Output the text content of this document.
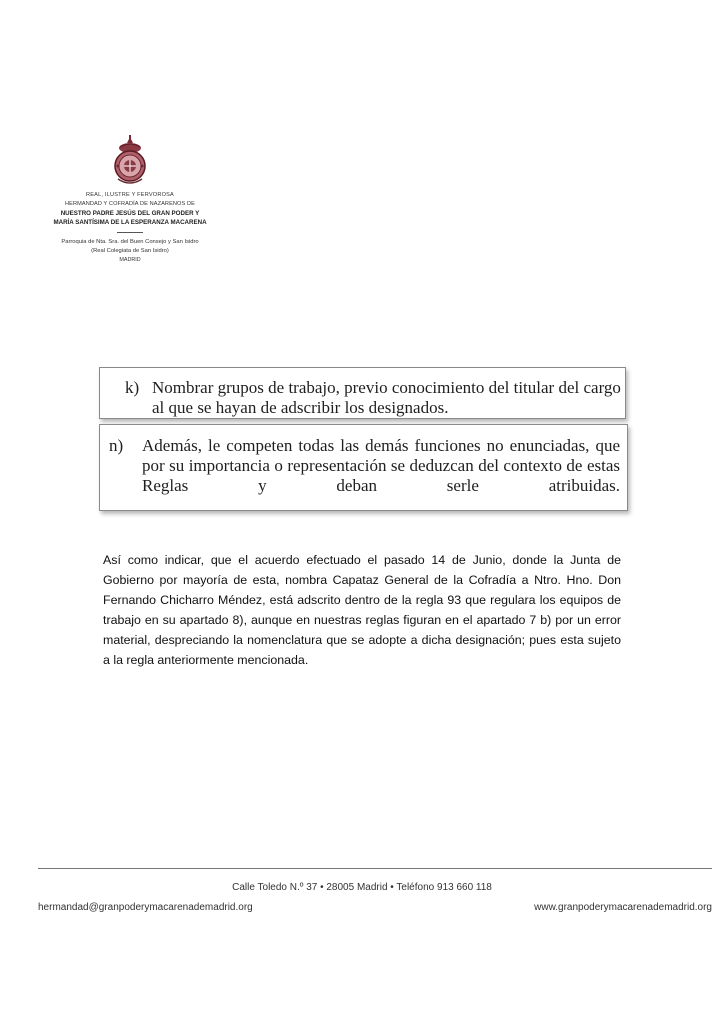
REAL, ILUSTRE Y FERVOROSA
HERMANDAD Y COFRADÍA DE NAZARENOS DE
NUESTRO PADRE JESÚS DEL GRAN PODER Y
MARÍA SANTÍSIMA DE LA ESPERANZA MACARENA
Parroquia de Nta. Sra. del Buen Consejo y San Isidro
(Real Colegiata de San Isidro)
MADRID
k) Nombrar grupos de trabajo, previo conocimiento del titular del cargo al que se hayan de adscribir los designados.
n) Además, le competen todas las demás funciones no enunciadas, que por su importancia o representación se deduzcan del contexto de estas Reglas y deban serle atribuidas.
Así como indicar, que el acuerdo efectuado el pasado 14 de Junio, donde la Junta de Gobierno por mayoría de esta, nombra Capataz General de la Cofradía a Ntro. Hno. Don Fernando Chicharro Méndez, está adscrito dentro de la regla 93 que regulara los equipos de trabajo en su apartado 8), aunque en nuestras reglas figuran en el apartado 7 b) por un error material, despreciando la nomenclatura que se adopte a dicha designación; pues esta sujeto a la regla anteriormente mencionada.
Calle Toledo N.º 37 • 28005 Madrid • Teléfono 913 660 118
hermandad@granpoderymacarenademadrid.org	www.granpoderymacarenademadrid.org
